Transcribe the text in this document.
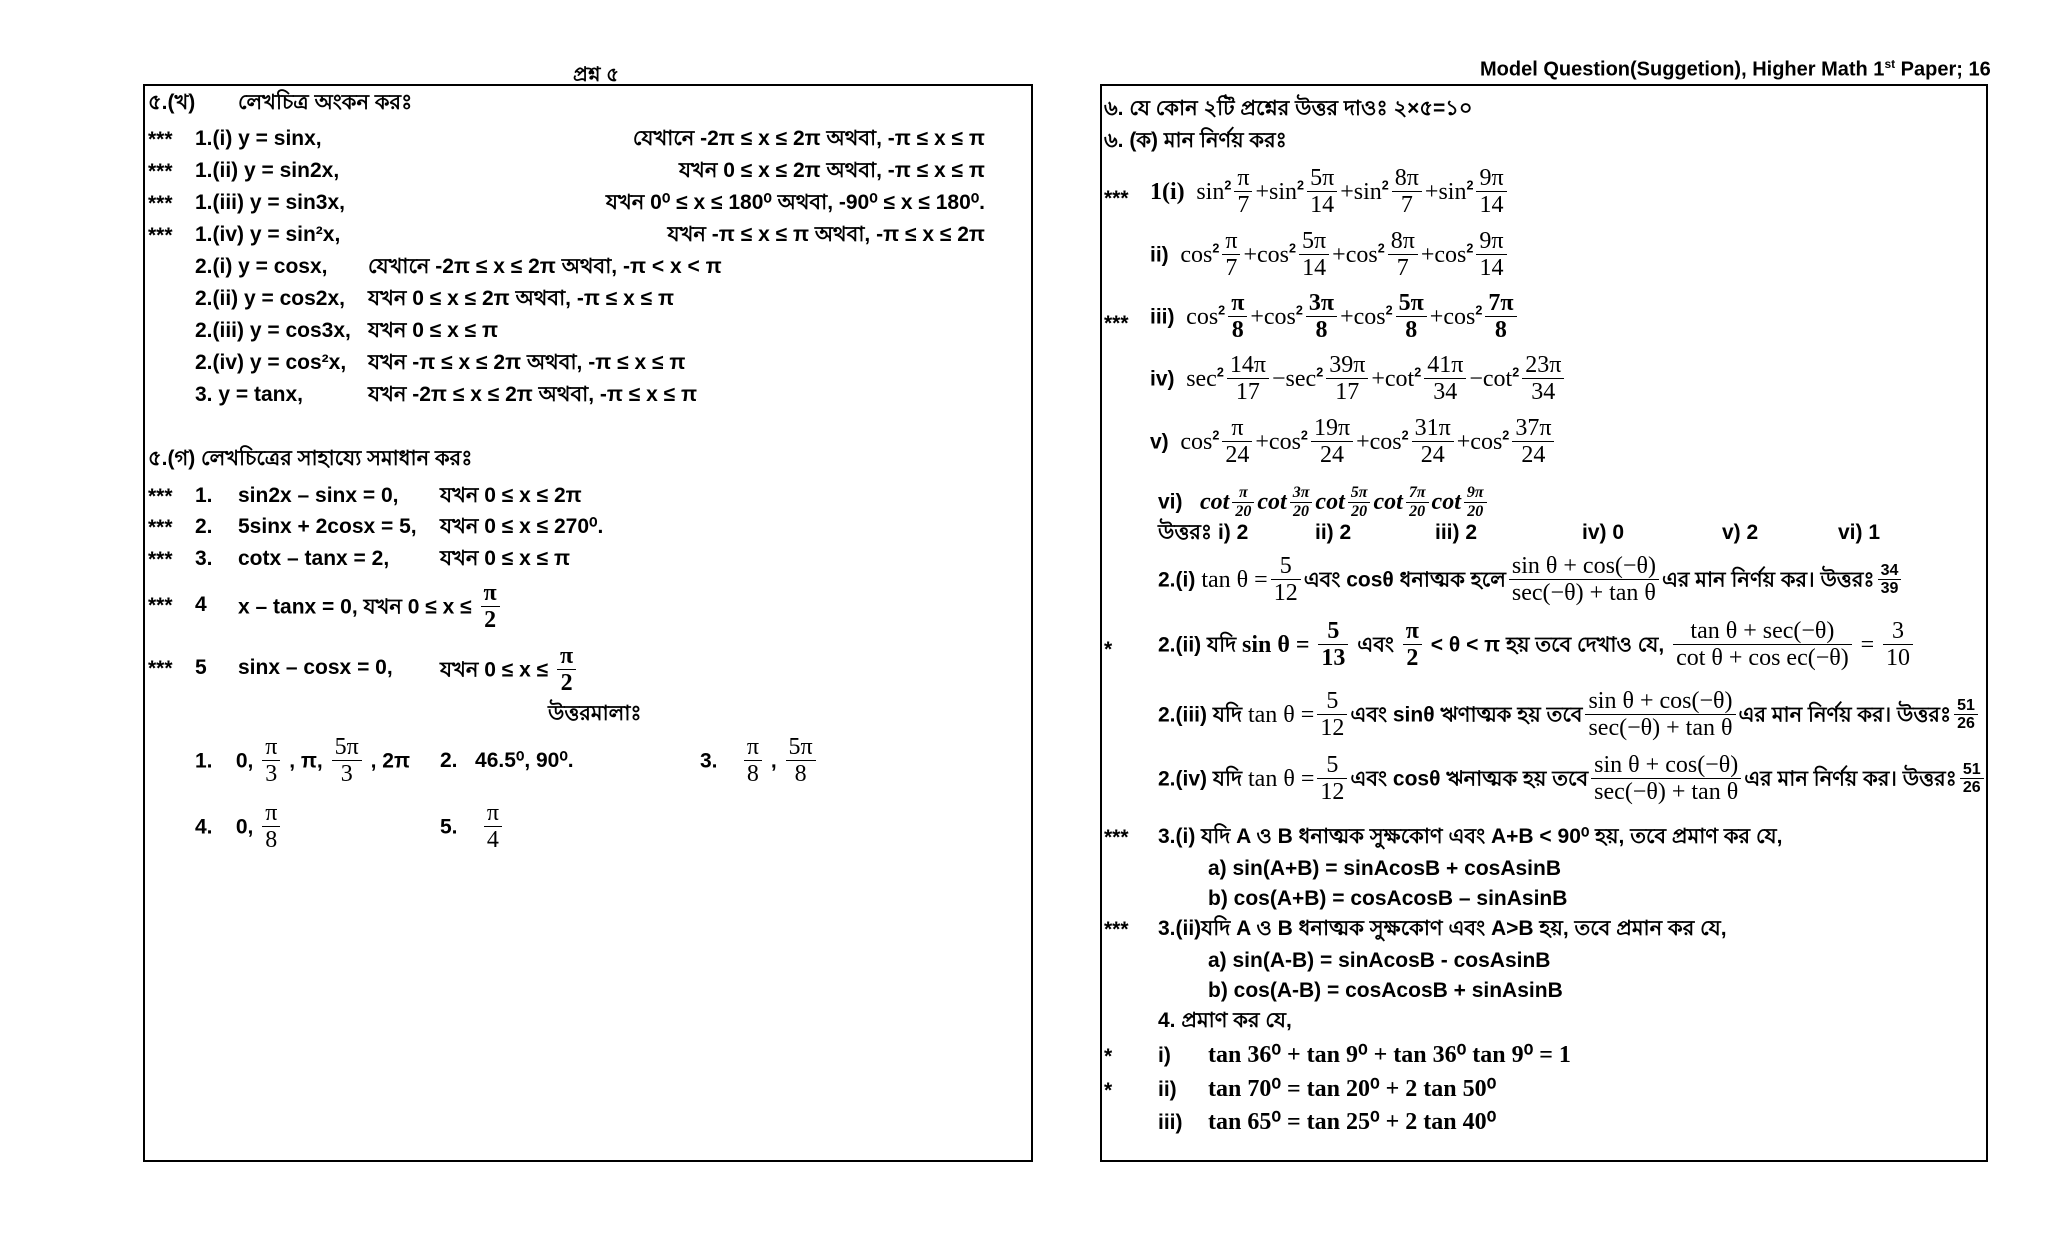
প্রশ্ন ৫	Model Question(Suggetion), Higher Math 1st Paper; 16
৫.(খ) লেখচিত্র অংকন করঃ
*** 1.(i) y = sinx,	যেখানে -2π ≤ x ≤ 2π অথবা, -π ≤ x ≤ π
*** 1.(ii) y = sin2x,	যখন 0 ≤ x ≤ 2π অথবা, -π ≤ x ≤ π
*** 1.(iii) y = sin3x,	যখন 0⁰ ≤ x ≤ 180⁰ অথবা, -90⁰ ≤ x ≤ 180⁰.
*** 1.(iv) y = sin²x,	যখন -π ≤ x ≤ π অথবা, -π ≤ x ≤ 2π
2.(i) y = cosx, যেখানে -2π ≤ x ≤ 2π অথবা, -π < x < π
2.(ii) y = cos2x, যখন 0 ≤ x ≤ 2π অথবা, -π ≤ x ≤ π
2.(iii) y = cos3x, যখন 0 ≤ x ≤ π
2.(iv) y = cos²x, যখন -π ≤ x ≤ 2π অথবা, -π ≤ x ≤ π
3. y = tanx,	যখন -2π ≤ x ≤ 2π অথবা, -π ≤ x ≤ π
৫.(গ) লেখচিত্রের সাহায্যে সমাধান করঃ
*** 1. sin2x – sinx = 0, যখন 0 ≤ x ≤ 2π
*** 2. 5sinx + 2cosx = 5, যখন 0 ≤ x ≤ 270⁰.
*** 3. cotx – tanx = 2, যখন 0 ≤ x ≤ π
*** 4 x – tanx = 0, যখন $0 \le x \le \frac{\pi}{2}$
*** 5 sinx – cosx = 0, যখন $0 \le x \le \frac{\pi}{2}$
উত্তরমালাঃ
1. 0, $\frac{\pi}{3}$ , π, $\frac{5\pi}{3}$ , 2π 2. 46.5⁰, 90⁰.	3. $\frac{\pi}{8}$ , $\frac{5\pi}{8}$
4. 0, $\frac{\pi}{8}$	5. $\frac{\pi}{4}$
৬. যে কোন ২টি প্রশ্নের উত্তর দাওঃ ২×৫=১০
৬. (ক) মান নির্ণয় করঃ
*** 1(i) $\sin^2 \frac{\pi}{7} +\sin^2 \frac{5\pi}{14} +\sin^2 \frac{8\pi}{7} +\sin^2 \frac{9\pi}{14}$
ii) $\cos^2 \frac{\pi}{7} +\cos^2 \frac{5\pi}{14} +\cos^2 \frac{8\pi}{7} +\cos^2 \frac{9\pi}{14}$
*** iii) $\cos^2 \frac{\pi}{8} +\cos^2 \frac{3\pi}{8} +\cos^2 \frac{5\pi}{8} +\cos^2 \frac{7\pi}{8}$
iv) $\sec^2 \frac{14\pi}{17} -\sec^2 \frac{39\pi}{17} +\cot^2 \frac{41\pi}{34} -\cot^2 \frac{23\pi}{34}$
v) $\cos^2 \frac{\pi}{24} +\cos^2 \frac{19\pi}{24} +\cos^2 \frac{31\pi}{24} +\cos^2 \frac{37\pi}{24}$
vi) $\cot \frac{\pi}{20}$ $\cot \frac{3\pi}{20}$ $\cot \frac{5\pi}{20}$ $\cot \frac{7\pi}{20}$ $\cot \frac{9\pi}{20}$
উত্তরঃ i) 2	ii) 2	iii) 2	iv) 0	v) 2	vi) 1
2.(i) $\tan \theta = \frac{5}{12}$ এবং cosθ ধনাত্মক হলে
sin θ + cos(−θ)
sec(−θ) + tan θ
এর মান নির্ণয় কর। উত্তরঃ $\frac{34}{39}$
2.(iii) যদি $\tan \theta = \frac{5}{12}$ এবং sinθ ঋণাত্মক হয় তবে
sin θ + cos(−θ)
sec(−θ) + tan θ
এর মান নির্ণয় কর। উত্তরঃ $\frac{51}{26}$
2.(iv) যদি $\tan \theta = \frac{5}{12}$ এবং cosθ ঋনাত্মক হয় তবে
sin θ + cos(−θ)
sec(−θ) + tan θ
এর মান নির্ণয় কর। উত্তরঃ $\frac{51}{26}$
* 2.(ii) যদি $\sin \theta = \frac{5}{13}$ এবং $\frac{\pi}{2} < \theta < \pi$ হয় তবে দেখাও যে,
tan θ + sec(−θ)
cot θ + cos ec(−θ)
= $\frac{3}{10}$
*** 3.(i) যদি A ও B ধনাত্মক সুক্ষকোণ এবং A+B < 90⁰ হয়, তবে প্রমাণ কর যে,
a) sin(A+B) = sinAcosB + cosAsinB
b) cos(A+B) = cosAcosB – sinAsinB
*** 3.(ii)যদি A ও B ধনাত্মক সুক্ষকোণ এবং A>B হয়, তবে প্রমান কর যে,
a) sin(A-B) = sinAcosB - cosAsinB
b) cos(A-B) = cosAcosB + sinAsinB
4. প্রমাণ কর যে,
* i) tan 36⁰ + tan 9⁰ + tan 36⁰ tan 9⁰ = 1
* ii) tan 70⁰ = tan 20⁰ + 2 tan 50⁰
iii) tan 65⁰ = tan 25⁰ + 2 tan 40⁰
